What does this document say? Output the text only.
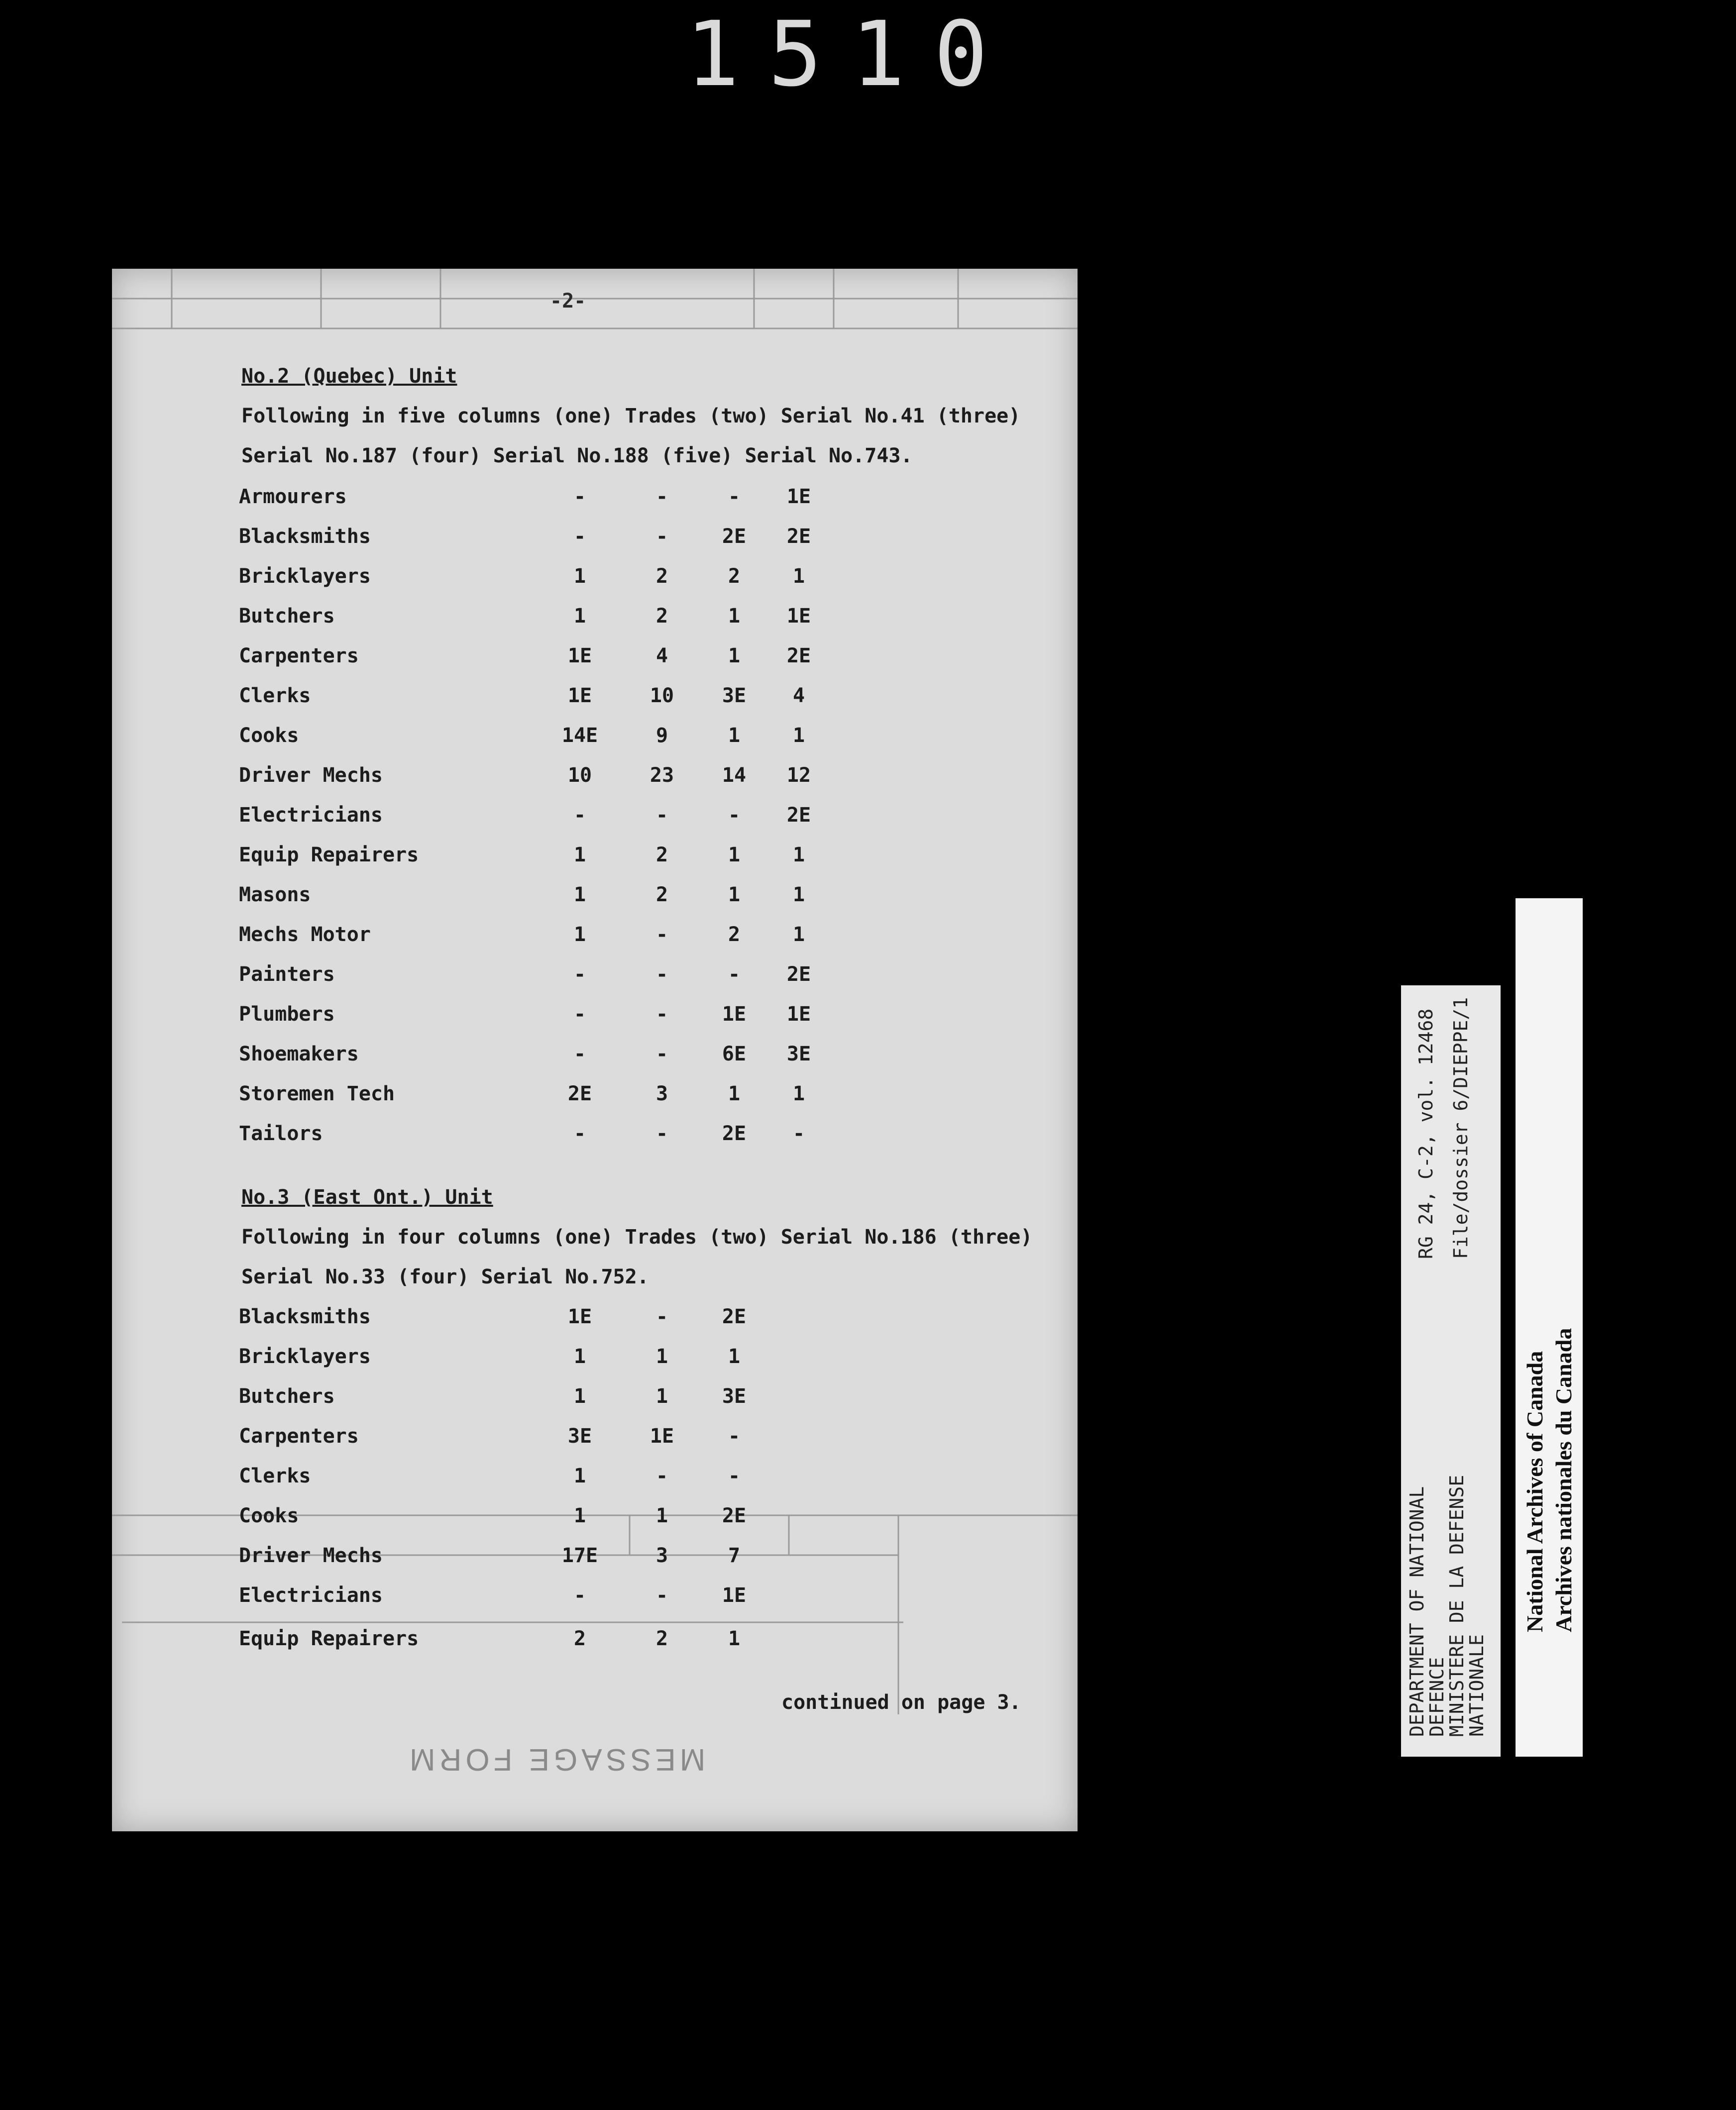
1510

-2-

No.2 (Quebec) Unit

Following in five columns (one) Trades (two) Serial No.41 (three)

Serial No.187 (four) Serial No.188 (five) Serial No.743.

Armourers	-	-	-	1E
Blacksmiths	-	-	2E	2E
Bricklayers	1	2	2	1
Butchers	1	2	1	1E
Carpenters	1E	4	1	2E
Clerks	1E	10	3E	4
Cooks	14E	9	1	1
Driver Mechs	10	23	14	12
Electricians	-	-	-	2E
Equip Repairers	1	2	1	1
Masons	1	2	1	1
Mechs Motor	1	-	2	1
Painters	-	-	-	2E
Plumbers	-	-	1E	1E
Shoemakers	-	-	6E	3E
Storemen Tech	2E	3	1	1
Tailors	-	-	2E	-

No.3 (East Ont.) Unit

Following in four columns (one) Trades (two) Serial No.186 (three)

Serial No.33 (four) Serial No.752.

Blacksmiths	1E	-	2E
Bricklayers	1	1	1
Butchers	1	1	3E
Carpenters	3E	1E	-
Clerks	1	-	-
Cooks	1	1	2E
Driver Mechs	17E	3	7
Electricians	-	-	1E
Equip Repairers	2	2	1

continued on page 3.

MESSAGE FORM

DEPARTMENT OF NATIONAL

DEFENCE

MINISTERE DE LA DEFENSE

NATIONALE

RG 24, C-2, vol. 12468 File/dossier 6/DIEPPE/1

National Archives of Canada Archives nationales du Canada
